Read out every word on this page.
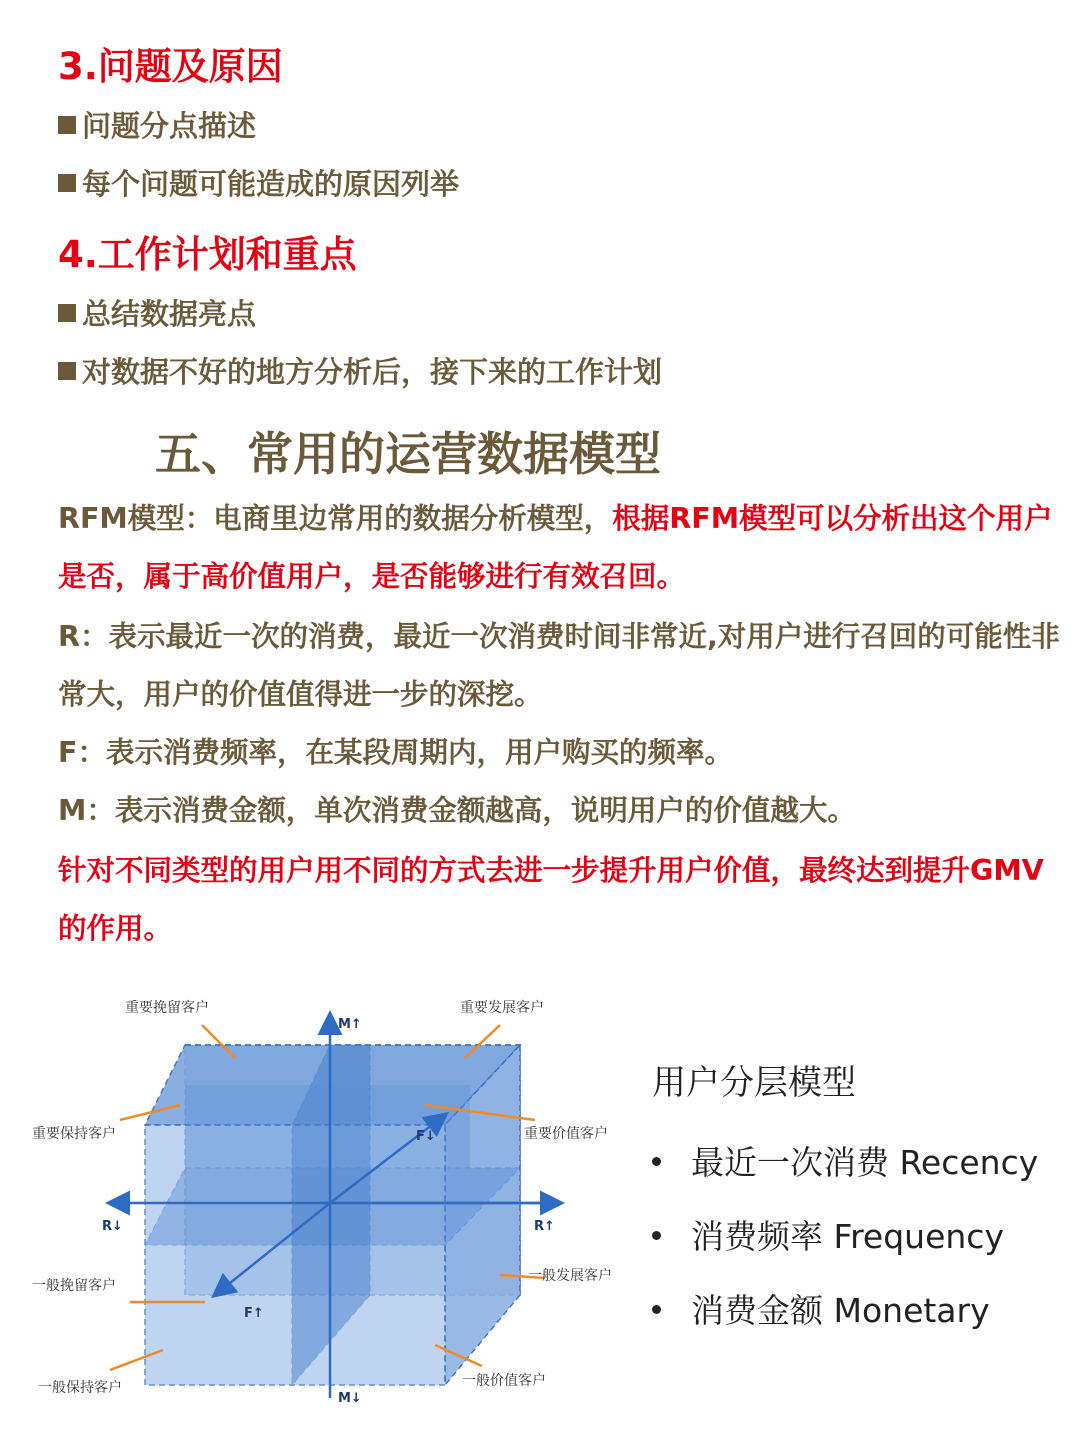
3.问题及原因
问题分点描述
每个问题可能造成的原因列举
4.工作计划和重点
总结数据亮点
对数据不好的地方分析后，接下来的工作计划
五、常用的运营数据模型
RFM模型：电商里边常用的数据分析模型，根据RFM模型可以分析出这个用户是否，属于高价值用户，是否能够进行有效召回。
R：表示最近一次的消费，最近一次消费时间非常近,对用户进行召回的可能性非常大，用户的价值值得进一步的深挖。
F：表示消费频率，在某段周期内，用户购买的频率。
M：表示消费金额，单次消费金额越高，说明用户的价值越大。
针对不同类型的用户用不同的方式去进一步提升用户价值，最终达到提升GMV的作用。
M↑
M↓
R↓	R↑
F↓
F↑
重要挽留客户	重要发展客户
重要保持客户	重要价值客户
一般挽留客户
一般发展客户
一般保持客户	一般价值客户
用户分层模型
最近一次消费 Recency
消费频率 Frequency
消费金额 Monetary
